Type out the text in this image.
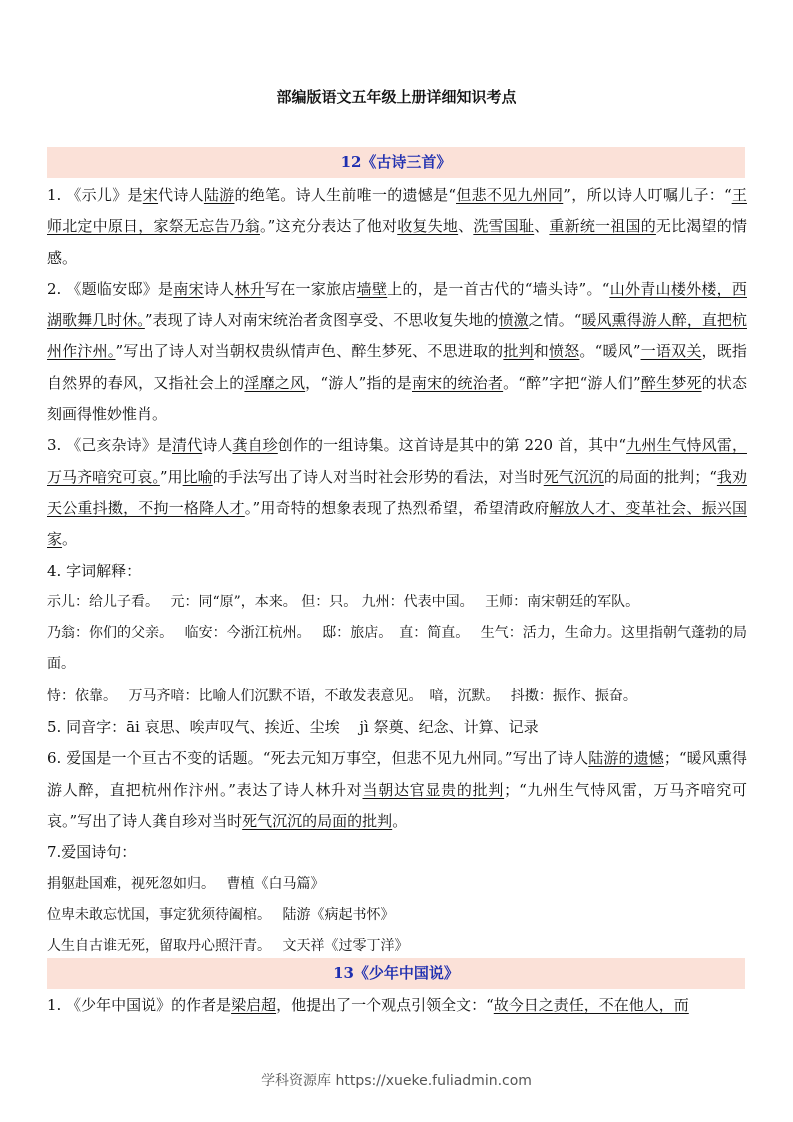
部编版语文五年级上册详细知识考点
12《古诗三首》

1. 《示儿》是宋代诗人陆游的绝笔。诗人生前唯一的遗憾是“但悲不见九州同”，所以诗人叮嘱儿子：“王师北定中原日，家祭无忘告乃翁。”这充分表达了他对收复失地、洗雪国耻、重新统一祖国的无比渴望的情感。

2. 《题临安邸》是南宋诗人林升写在一家旅店墙壁上的，是一首古代的“墙头诗”。“山外青山楼外楼，西湖歌舞几时休。”表现了诗人对南宋统治者贪图享受、不思收复失地的愤激之情。“暖风熏得游人醉，直把杭州作汴州。”写出了诗人对当朝权贵纵情声色、醉生梦死、不思进取的批判和愤怒。“暖风”一语双关，既指自然界的春风，又指社会上的淫靡之风，“游人”指的是南宋的统治者。“醉”字把“游人们”醉生梦死的状态刻画得惟妙惟肖。

3. 《己亥杂诗》是清代诗人龚自珍创作的一组诗集。这首诗是其中的第 220 首，其中“九州生气恃风雷，万马齐喑究可哀。”用比喻的手法写出了诗人对当时社会形势的看法，对当时死气沉沉的局面的批判；“我劝天公重抖擞，不拘一格降人才。”用奇特的想象表现了热烈希望，希望清政府解放人才、变革社会、振兴国家。

4. 字词解释：

示儿：给儿子看。　 元：同“原”，本来。 但：只。 九州：代表中国。　 王师：南宋朝廷的军队。

乃翁：你们的父亲。　 临安：今浙江杭州。　 邸：旅店。　直：简直。　 生气：活力，生命力。这里指朝气蓬勃的局面。

恃：依靠。　 万马齐喑：比喻人们沉默不语，不敢发表意见。　喑，沉默。　 抖擞：振作、振奋。

5. 同音字：āi 哀思、唉声叹气、挨近、尘埃　 jì 祭奠、纪念、计算、记录

6. 爱国是一个亘古不变的话题。“死去元知万事空，但悲不见九州同。”写出了诗人陆游的遗憾；“暖风熏得游人醉，直把杭州作汴州。”表达了诗人林升对当朝达官显贵的批判；“九州生气恃风雷，万马齐喑究可哀。”写出了诗人龚自珍对当时死气沉沉的局面的批判。

7.爱国诗句：

捐躯赴国难，视死忽如归。　 曹植《白马篇》

位卑未敢忘忧国，事定犹须待阖棺。　 陆游《病起书怀》

人生自古谁无死，留取丹心照汗青。　 文天祥《过零丁洋》

13《少年中国说》

1. 《少年中国说》的作者是梁启超，他提出了一个观点引领全文：“故今日之责任，不在他人，而

学科资源库 https://xueke.fuliadmin.com
